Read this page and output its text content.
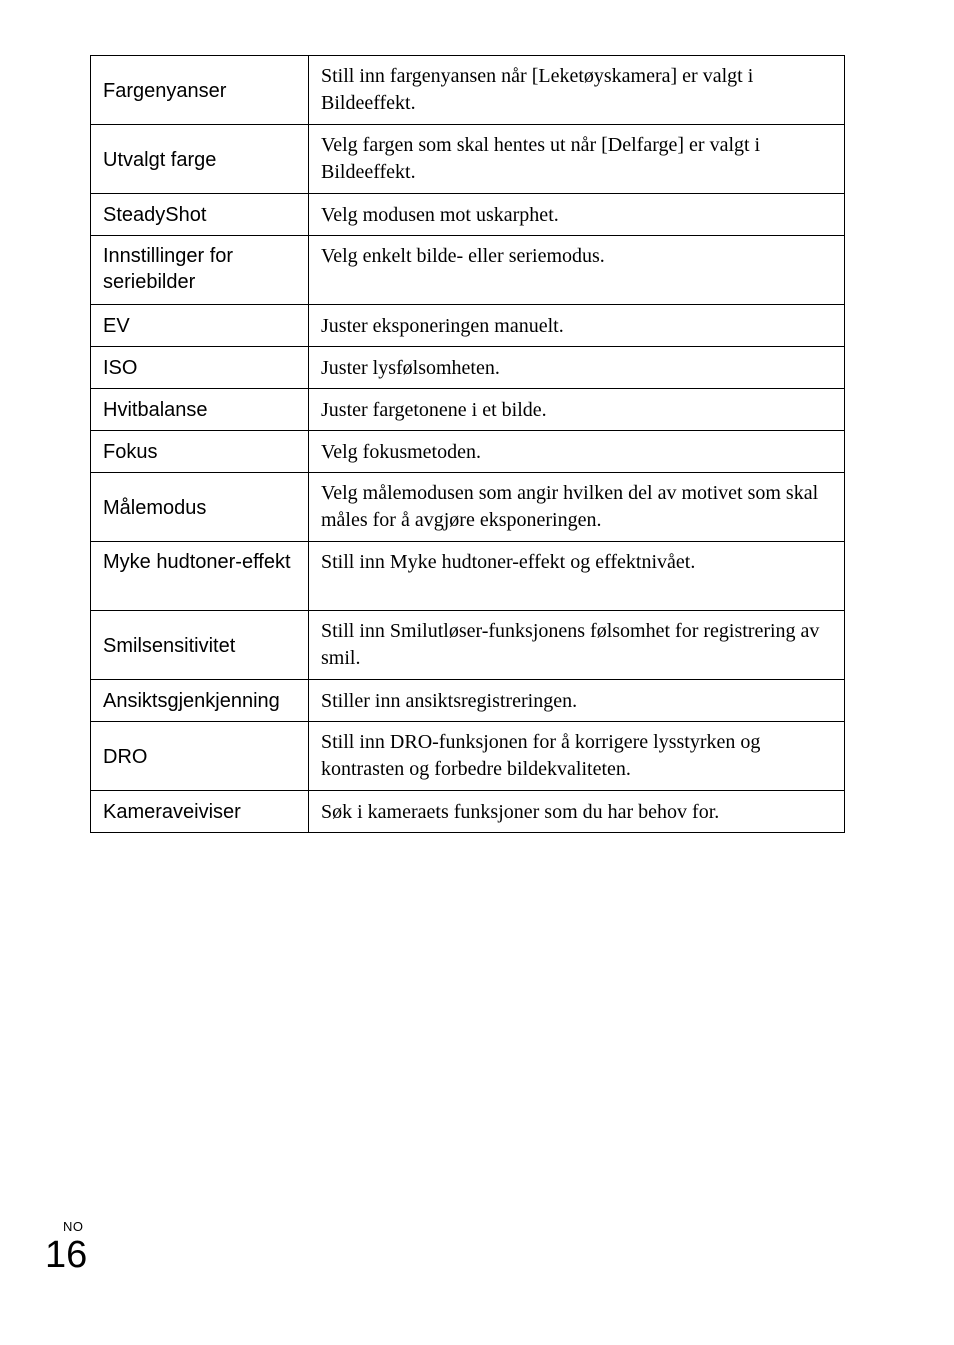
Fargenyanser	Still inn fargenyansen når [Leketøyskamera] er valgt i Bildeeffekt.
Utvalgt farge	Velg fargen som skal hentes ut når [Delfarge] er valgt i Bildeeffekt.
SteadyShot	Velg modusen mot uskarphet.
Innstillinger for seriebilder	Velg enkelt bilde- eller seriemodus.
EV	Juster eksponeringen manuelt.
ISO	Juster lysfølsomheten.
Hvitbalanse	Juster fargetonene i et bilde.
Fokus	Velg fokusmetoden.
Målemodus	Velg målemodusen som angir hvilken del av motivet som skal måles for å avgjøre eksponeringen.
Myke hudtoner-effekt	Still inn Myke hudtoner-effekt og effektnivået.
Smilsensitivitet	Still inn Smilutløser-funksjonens følsomhet for registrering av smil.
Ansiktsgjenkjenning	Stiller inn ansiktsregistreringen.
DRO	Still inn DRO-funksjonen for å korrigere lysstyrken og kontrasten og forbedre bildekvaliteten.
Kameraveiviser	Søk i kameraets funksjoner som du har behov for.
NO
16
